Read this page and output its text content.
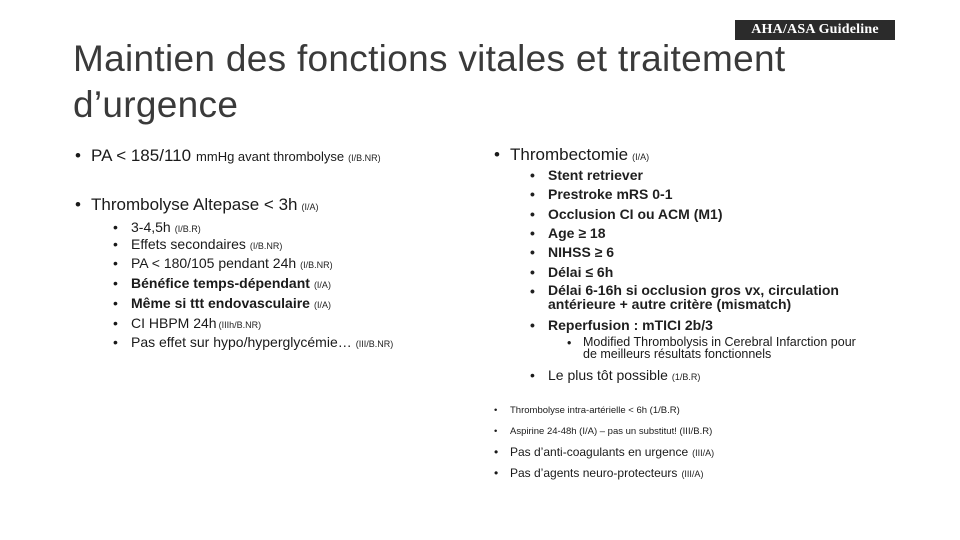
AHA/ASA Guideline
Maintien des fonctions vitales et traitement d’urgence
• PA < 185/110 mmHg avant thrombolyse (I/B.NR)
• Thrombolyse Altepase < 3h (I/A)
• 3-4,5h (I/B.R)
• Effets secondaires (I/B.NR)
• PA < 180/105 pendant 24h (I/B.NR)
• Bénéfice temps-dépendant (I/A)
• Même si ttt endovasculaire (I/A)
• CI HBPM 24h (IIIh/B.NR)
• Pas effet sur hypo/hyperglycémie… (III/B.NR)
• Thrombectomie (I/A)
• Stent retriever
• Prestroke mRS 0-1
• Occlusion CI ou ACM (M1)
• Age ≥ 18
• NIHSS ≥ 6
• Délai ≤ 6h
• Délai 6-16h si occlusion gros vx, circulation antérieure + autre critère (mismatch)
• Reperfusion : mTICI 2b/3
• Modified Thrombolysis in Cerebral Infarction pour de meilleurs résultats fonctionnels
• Le plus tôt possible (1/B.R)
•	Thrombolyse intra-artérielle < 6h (1/B.R)
•	Aspirine 24-48h (I/A) – pas un substitut! (III/B.R)
• Pas d’anti-coagulants en urgence (III/A)
• Pas d’agents neuro-protecteurs (III/A)
